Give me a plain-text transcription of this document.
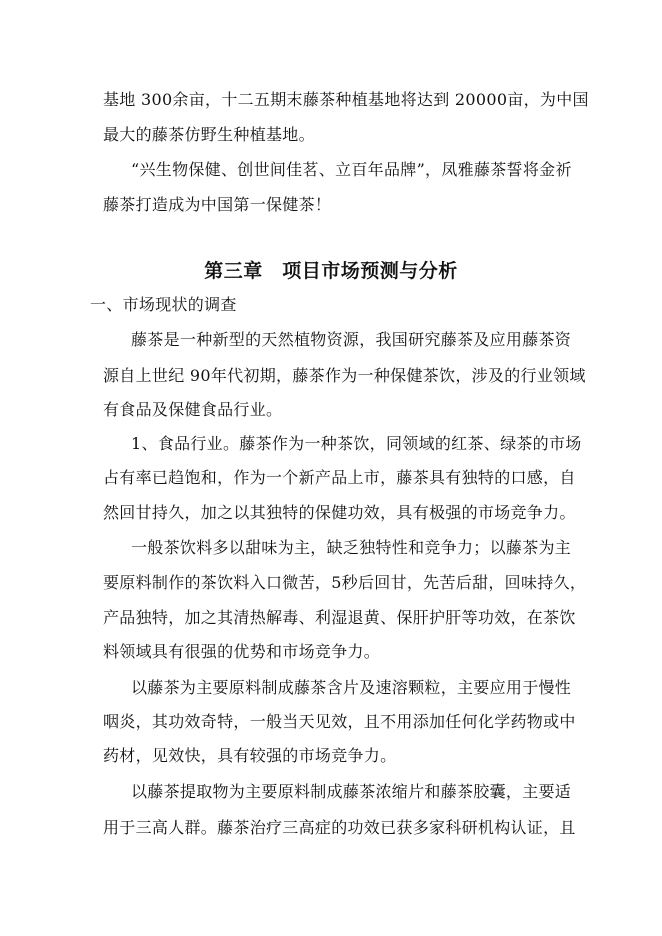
基地 300余亩，十二五期末藤茶种植基地将达到 20000亩，为中国
最大的藤茶仿野生种植基地。
“兴生物保健、创世间佳茗、立百年品牌”，凤雅藤茶誓将金祈
藤茶打造成为中国第一保健茶！
第三章　项目市场预测与分析
一、市场现状的调查
藤茶是一种新型的天然植物资源，我国研究藤茶及应用藤茶资
源自上世纪 90年代初期，藤茶作为一种保健茶饮，涉及的行业领域
有食品及保健食品行业。
1、食品行业。藤茶作为一种茶饮，同领域的红茶、绿茶的市场
占有率已趋饱和，作为一个新产品上市，藤茶具有独特的口感，自
然回甘持久，加之以其独特的保健功效，具有极强的市场竞争力。
一般茶饮料多以甜味为主，缺乏独特性和竞争力；以藤茶为主
要原料制作的茶饮料入口微苦，5秒后回甘，先苦后甜，回味持久，
产品独特，加之其清热解毒、利湿退黄、保肝护肝等功效，在茶饮
料领域具有很强的优势和市场竞争力。
以藤茶为主要原料制成藤茶含片及速溶颗粒，主要应用于慢性
咽炎，其功效奇特，一般当天见效，且不用添加任何化学药物或中
药材，见效快，具有较强的市场竞争力。
以藤茶提取物为主要原料制成藤茶浓缩片和藤茶胶囊，主要适
用于三高人群。藤茶治疗三高症的功效已获多家科研机构认证，且
